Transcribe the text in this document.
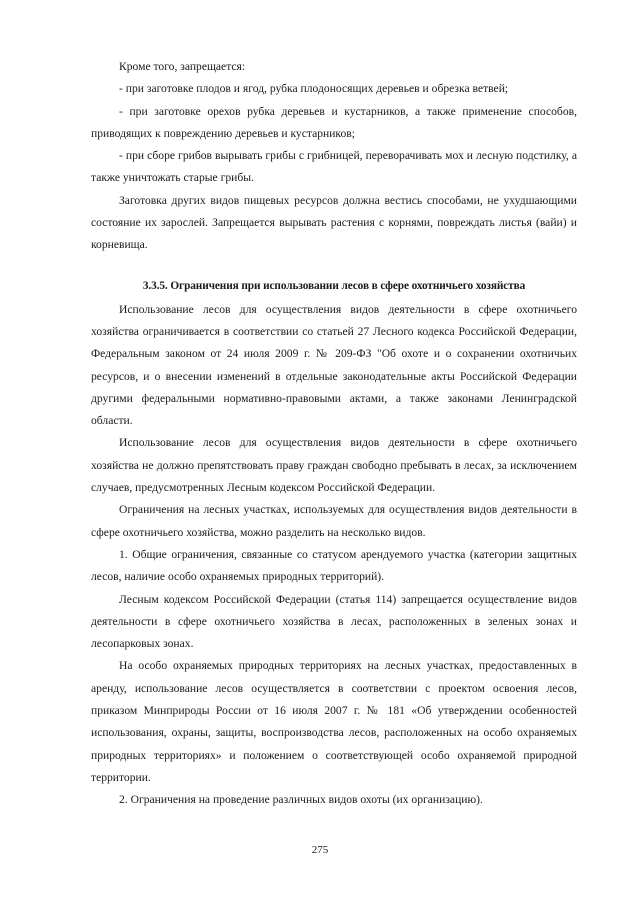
Кроме того, запрещается:

- при заготовке плодов и ягод, рубка плодоносящих деревьев и обрезка ветвей;

- при заготовке орехов рубка деревьев и кустарников, а также применение способов, приводящих к повреждению деревьев и кустарников;

- при сборе грибов вырывать грибы с грибницей, переворачивать мох и лесную подстилку, а также уничтожать старые грибы.

Заготовка других видов пищевых ресурсов должна вестись способами, не ухудшающими состояние их зарослей. Запрещается вырывать растения с корнями, повреждать листья (вайи) и корневища.

3.3.5. Ограничения при использовании лесов в сфере охотничьего хозяйства

Использование лесов для осуществления видов деятельности в сфере охотничьего хозяйства ограничивается в соответствии со статьей 27 Лесного кодекса Российской Федерации, Федеральным законом от 24 июля 2009 г. № 209-ФЗ "Об охоте и о сохранении охотничьих ресурсов, и о внесении изменений в отдельные законодательные акты Российской Федерации другими федеральными нормативно-правовыми актами, а также законами Ленинградской области.

Использование лесов для осуществления видов деятельности в сфере охотничьего хозяйства не должно препятствовать праву граждан свободно пребывать в лесах, за исключением случаев, предусмотренных Лесным кодексом Российской Федерации.

Ограничения на лесных участках, используемых для осуществления видов деятельности в сфере охотничьего хозяйства, можно разделить на несколько видов.

1. Общие ограничения, связанные со статусом арендуемого участка (категории защитных лесов, наличие особо охраняемых природных территорий).

Лесным кодексом Российской Федерации (статья 114) запрещается осуществление видов деятельности в сфере охотничьего хозяйства в лесах, расположенных в зеленых зонах и лесопарковых зонах.

На особо охраняемых природных территориях на лесных участках, предоставленных в аренду, использование лесов осуществляется в соответствии с проектом освоения лесов, приказом Минприроды России от 16 июля 2007 г. № 181 «Об утверждении особенностей использования, охраны, защиты, воспроизводства лесов, расположенных на особо охраняемых природных территориях» и положением о соответствующей особо охраняемой природной территории.

2. Ограничения на проведение различных видов охоты (их организацию).

275
